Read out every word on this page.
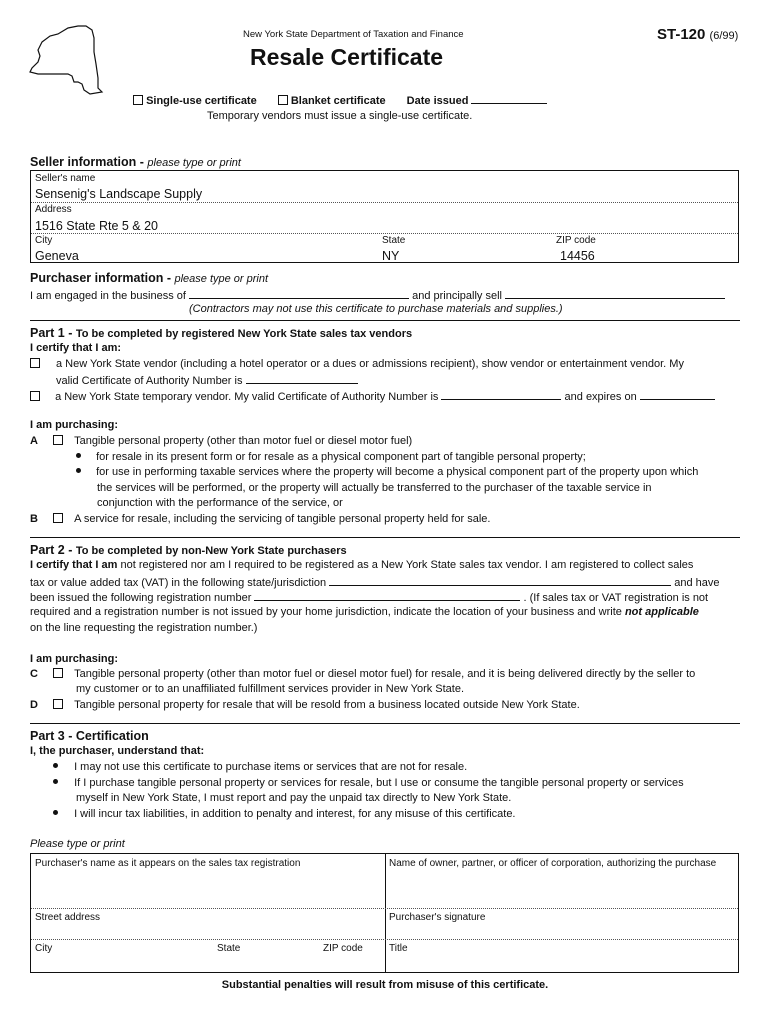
New York State Department of Taxation and Finance	ST-120 (6/99)
Resale Certificate
Single-use certificate	Blanket certificate Date issued
Temporary vendors must issue a single-use certificate.
Seller information - please type or print
Seller's name
Sensenig's Landscape Supply
Address
1516 State Rte 5 & 20
City
Geneva
State
NY
ZIP code
14456
Purchaser information - please type or print
I am engaged in the business of	and principally sell
(Contractors may not use this certificate to purchase materials and supplies.)
Part 1 - To be completed by registered New York State sales tax vendors
I certify that I am:
a New York State vendor (including a hotel operator or a dues or admissions recipient), show vendor or entertainment vendor. My
valid Certificate of Authority Number is
a New York State temporary vendor. My valid Certificate of Authority Number is	and expires on
I am purchasing:
A	Tangible personal property (other than motor fuel or diesel motor fuel)
for resale in its present form or for resale as a physical component part of tangible personal property;
for use in performing taxable services where the property will become a physical component part of the property upon which
the services will be performed, or the property will actually be transferred to the purchaser of the taxable service in
conjunction with the performance of the service, or
B	A service for resale, including the servicing of tangible personal property held for sale.
Part 2 - To be completed by non-New York State purchasers
I certify that I am not registered nor am I required to be registered as a New York State sales tax vendor. I am registered to collect sales
tax or value added tax (VAT) in the following state/jurisdiction	and have
been issued the following registration number	. (If sales tax or VAT registration is not
required and a registration number is not issued by your home jurisdiction, indicate the location of your business and write not applicable
on the line requesting the registration number.)
I am purchasing:
C	Tangible personal property (other than motor fuel or diesel motor fuel) for resale, and it is being delivered directly by the seller to
my customer or to an unaffiliated fulfillment services provider in New York State.
D	Tangible personal property for resale that will be resold from a business located outside New York State.
Part 3 - Certification
I, the purchaser, understand that:
I may not use this certificate to purchase items or services that are not for resale.
If I purchase tangible personal property or services for resale, but I use or consume the tangible personal property or services
myself in New York State, I must report and pay the unpaid tax directly to New York State.
I will incur tax liabilities, in addition to penalty and interest, for any misuse of this certificate.
Please type or print
Purchaser's name as it appears on the sales tax registration	Name of owner, partner, or officer of corporation, authorizing the purchase
Street address	Purchaser's signature
City	State	ZIP code	Title
Substantial penalties will result from misuse of this certificate.
